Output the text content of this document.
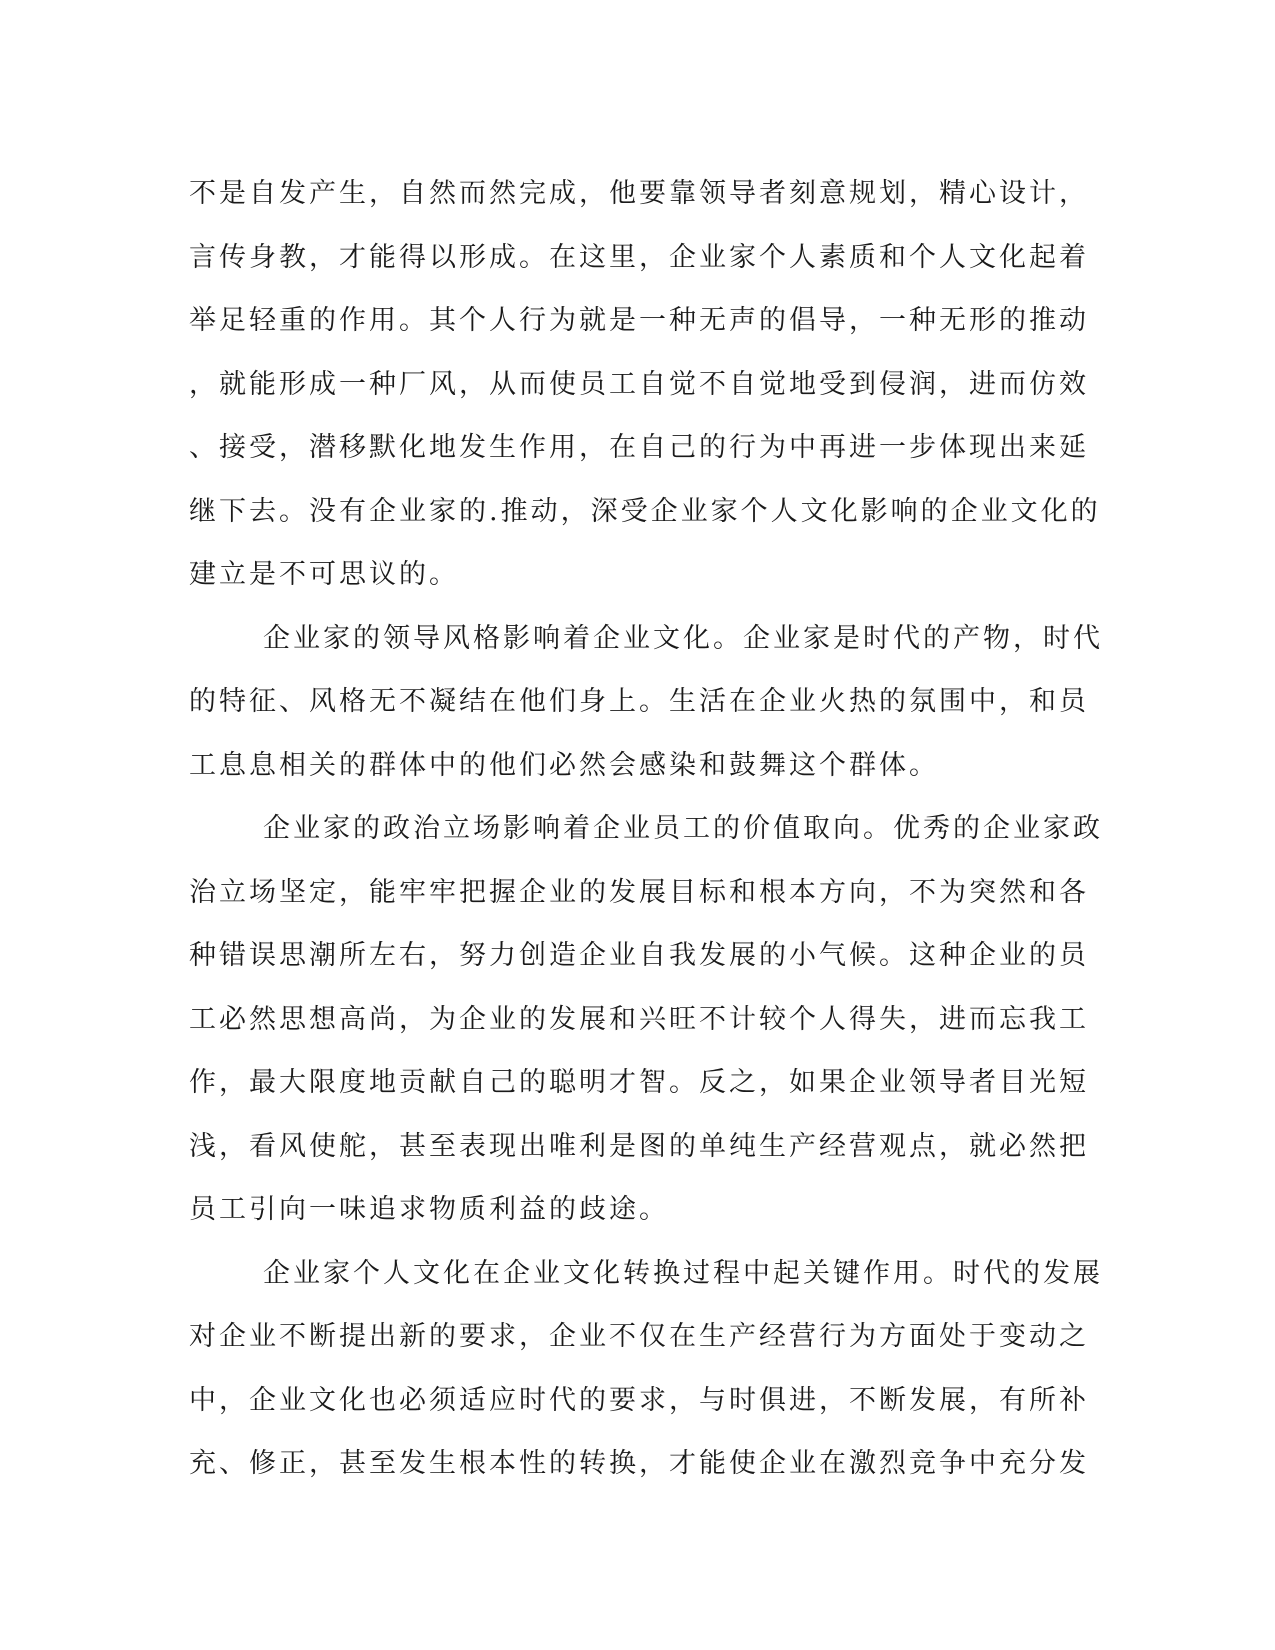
不是自发产生，自然而然完成，他要靠领导者刻意规划，精心设计，
言传身教，才能得以形成。在这里，企业家个人素质和个人文化起着
举足轻重的作用。其个人行为就是一种无声的倡导，一种无形的推动
，就能形成一种厂风，从而使员工自觉不自觉地受到侵润，进而仿效
、接受，潜移默化地发生作用，在自己的行为中再进一步体现出来延
继下去。没有企业家的.推动，深受企业家个人文化影响的企业文化的
建立是不可思议的。
企业家的领导风格影响着企业文化。企业家是时代的产物，时代
的特征、风格无不凝结在他们身上。生活在企业火热的氛围中，和员
工息息相关的群体中的他们必然会感染和鼓舞这个群体。
企业家的政治立场影响着企业员工的价值取向。优秀的企业家政
治立场坚定，能牢牢把握企业的发展目标和根本方向，不为突然和各
种错误思潮所左右，努力创造企业自我发展的小气候。这种企业的员
工必然思想高尚，为企业的发展和兴旺不计较个人得失，进而忘我工
作，最大限度地贡献自己的聪明才智。反之，如果企业领导者目光短
浅，看风使舵，甚至表现出唯利是图的单纯生产经营观点，就必然把
员工引向一味追求物质利益的歧途。
企业家个人文化在企业文化转换过程中起关键作用。时代的发展
对企业不断提出新的要求，企业不仅在生产经营行为方面处于变动之
中，企业文化也必须适应时代的要求，与时俱进，不断发展，有所补
充、修正，甚至发生根本性的转换，才能使企业在激烈竞争中充分发
